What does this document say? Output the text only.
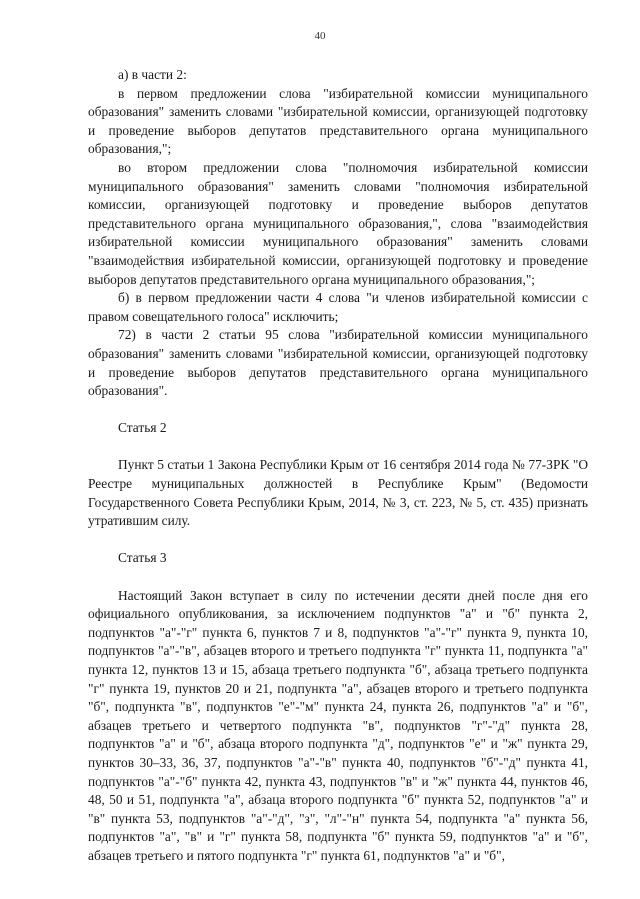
40

а) в части 2:

в первом предложении слова "избирательной комиссии муниципального образования" заменить словами "избирательной комиссии, организующей подготовку и проведение выборов депутатов представительного органа муниципального образования,";

во втором предложении слова "полномочия избирательной комиссии муниципального образования" заменить словами "полномочия избирательной комиссии, организующей подготовку и проведение выборов депутатов представительного органа муниципального образования,", слова "взаимодействия избирательной комиссии муниципального образования" заменить словами "взаимодействия избирательной комиссии, организующей подготовку и проведение выборов депутатов представительного органа муниципального образования,";

б) в первом предложении части 4 слова "и членов избирательной комиссии с правом совещательного голоса" исключить;

72) в части 2 статьи 95 слова "избирательной комиссии муниципального образования" заменить словами "избирательной комиссии, организующей подготовку и проведение выборов депутатов представительного органа муниципального образования".

Статья 2

Пункт 5 статьи 1 Закона Республики Крым от 16 сентября 2014 года № 77-ЗРК "О Реестре муниципальных должностей в Республике Крым" (Ведомости Государственного Совета Республики Крым, 2014, № 3, ст. 223, № 5, ст. 435) признать утратившим силу.

Статья 3

Настоящий Закон вступает в силу по истечении десяти дней после дня его официального опубликования, за исключением подпунктов "а" и "б" пункта 2, подпунктов "а"-"г" пункта 6, пунктов 7 и 8, подпунктов "а"-"г" пункта 9, пункта 10, подпунктов "а"-"в", абзацев второго и третьего подпункта "г" пункта 11, подпункта "а" пункта 12, пунктов 13 и 15, абзаца третьего подпункта "б", абзаца третьего подпункта "г" пункта 19, пунктов 20 и 21, подпункта "а", абзацев второго и третьего подпункта "б", подпункта "в", подпунктов "е"-"м" пункта 24, пункта 26, подпунктов "а" и "б", абзацев третьего и четвертого подпункта "в", подпунктов "г"-"д" пункта 28, подпунктов "а" и "б", абзаца второго подпункта "д", подпунктов "е" и "ж" пункта 29, пунктов 30–33, 36, 37, подпунктов "а"-"в" пункта 40, подпунктов "б"-"д" пункта 41, подпунктов "а"-"б" пункта 42, пункта 43, подпунктов "в" и "ж" пункта 44, пунктов 46, 48, 50 и 51, подпункта "а", абзаца второго подпункта "б" пункта 52, подпунктов "а" и "в" пункта 53, подпунктов "а"-"д", "з", "л"-"н" пункта 54, подпункта "а" пункта 56, подпунктов "а", "в" и "г" пункта 58, подпункта "б" пункта 59, подпунктов "а" и "б", абзацев третьего и пятого подпункта "г" пункта 61, подпунктов "а" и "б",
